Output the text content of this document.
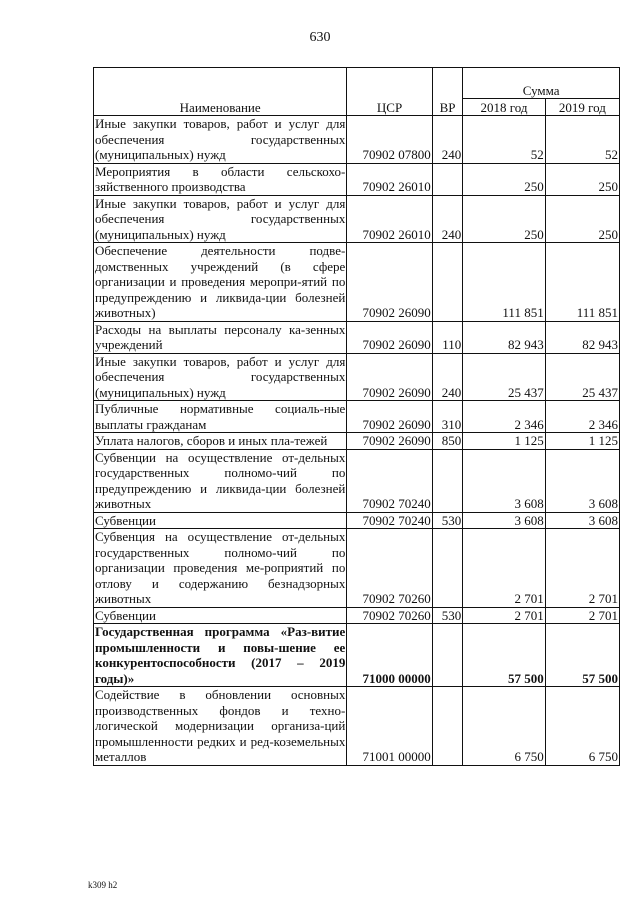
630
Наименование	ЦСР	ВР	Сумма	
			2018 год	2019 год
Иные закупки товаров, работ и услуг для обеспечения государственных (муниципальных) нужд	70902 07800	240	52	52
Мероприятия в области сельскохо-зяйственного производства	70902 26010		250	250
Иные закупки товаров, работ и услуг для обеспечения государственных (муниципальных) нужд	70902 26010	240	250	250
Обеспечение деятельности подве-домственных учреждений (в сфере организации и проведения меропри-ятий по предупреждению и ликвида-ции болезней животных)	70902 26090		111 851	111 851
Расходы на выплаты персоналу ка-зенных учреждений	70902 26090	110	82 943	82 943
Иные закупки товаров, работ и услуг для обеспечения государственных (муниципальных) нужд	70902 26090	240	25 437	25 437
Публичные нормативные социаль-ные выплаты гражданам	70902 26090	310	2 346	2 346
Уплата налогов, сборов и иных пла-тежей	70902 26090	850	1 125	1 125
Субвенции на осуществление от-дельных государственных полномо-чий по предупреждению и ликвида-ции болезней животных	70902 70240		3 608	3 608
Субвенции	70902 70240	530	3 608	3 608
Субвенция на осуществление от-дельных государственных полномо-чий по организации проведения ме-роприятий по отлову и содержанию безнадзорных животных	70902 70260		2 701	2 701
Субвенции	70902 70260	530	2 701	2 701
Государственная программа «Раз-витие промышленности и повы-шение ее конкурентоспособности (2017 – 2019 годы)»	71000 00000		57 500	57 500
Содействие в обновлении основных производственных фондов и техно-логической модернизации организа-ций промышленности редких и ред-коземельных металлов	71001 00000		6 750	6 750
k309 h2
